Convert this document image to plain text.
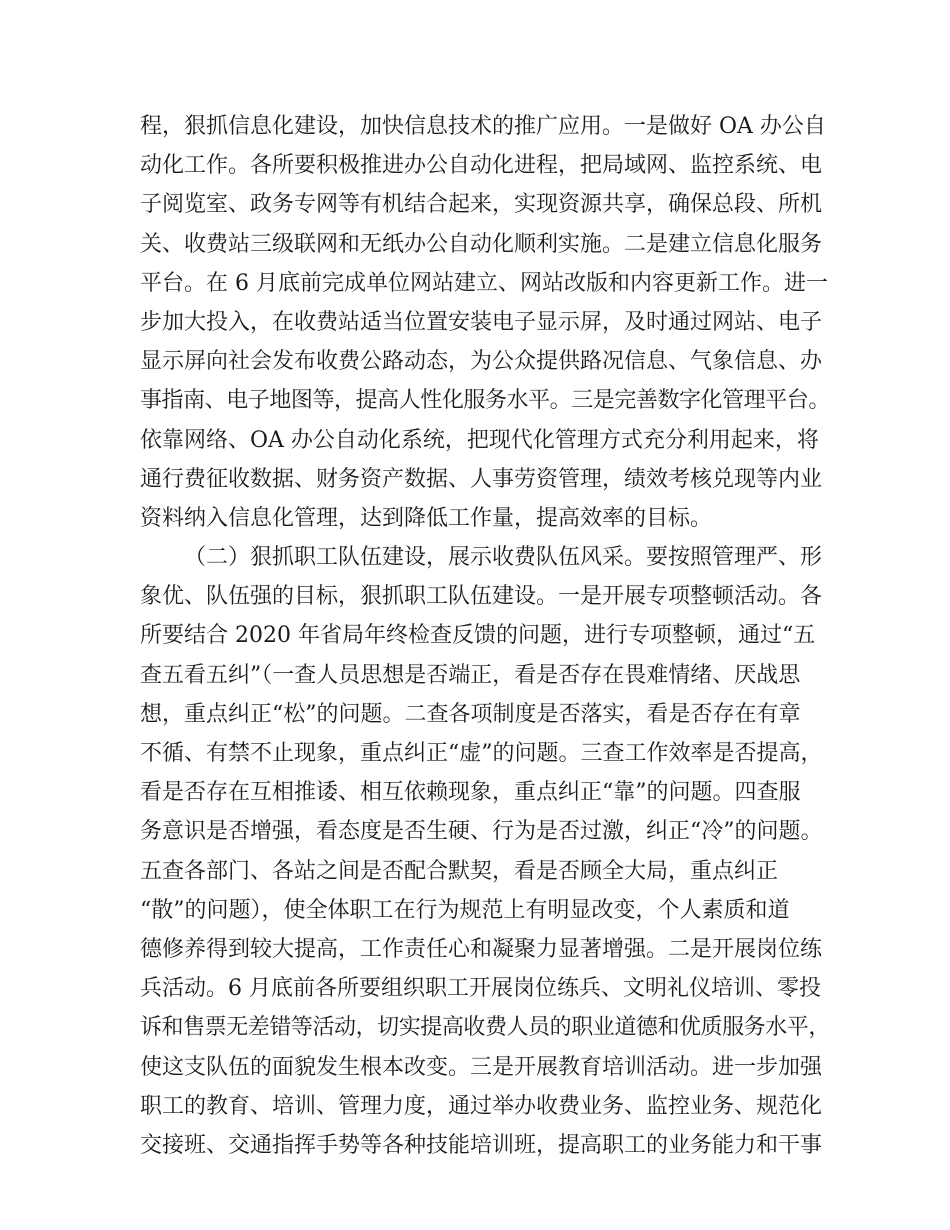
程，狠抓信息化建设，加快信息技术的推广应用。一是做好 OA 办公自
动化工作。各所要积极推进办公自动化进程，把局域网、监控系统、电
子阅览室、政务专网等有机结合起来，实现资源共享，确保总段、所机
关、收费站三级联网和无纸办公自动化顺利实施。二是建立信息化服务
平台。在 6 月底前完成单位网站建立、网站改版和内容更新工作。进一
步加大投入，在收费站适当位置安装电子显示屏，及时通过网站、电子
显示屏向社会发布收费公路动态，为公众提供路况信息、气象信息、办
事指南、电子地图等，提高人性化服务水平。三是完善数字化管理平台。
依靠网络、OA 办公自动化系统，把现代化管理方式充分利用起来，将
通行费征收数据、财务资产数据、人事劳资管理，绩效考核兑现等内业
资料纳入信息化管理，达到降低工作量，提高效率的目标。
（二）狠抓职工队伍建设，展示收费队伍风采。要按照管理严、形
象优、队伍强的目标，狠抓职工队伍建设。一是开展专项整顿活动。各
所要结合 2020 年省局年终检查反馈的问题，进行专项整顿，通过“五
查五看五纠”（一查人员思想是否端正，看是否存在畏难情绪、厌战思
想，重点纠正“松”的问题。二查各项制度是否落实，看是否存在有章
不循、有禁不止现象，重点纠正“虚”的问题。三查工作效率是否提高，
看是否存在互相推诿、相互依赖现象，重点纠正“靠”的问题。四查服
务意识是否增强，看态度是否生硬、行为是否过激，纠正“冷”的问题。
五查各部门、各站之间是否配合默契，看是否顾全大局，重点纠正
“散”的问题），使全体职工在行为规范上有明显改变，个人素质和道
德修养得到较大提高，工作责任心和凝聚力显著增强。二是开展岗位练
兵活动。6 月底前各所要组织职工开展岗位练兵、文明礼仪培训、零投
诉和售票无差错等活动，切实提高收费人员的职业道德和优质服务水平，
使这支队伍的面貌发生根本改变。三是开展教育培训活动。进一步加强
职工的教育、培训、管理力度，通过举办收费业务、监控业务、规范化
交接班、交通指挥手势等各种技能培训班，提高职工的业务能力和干事
